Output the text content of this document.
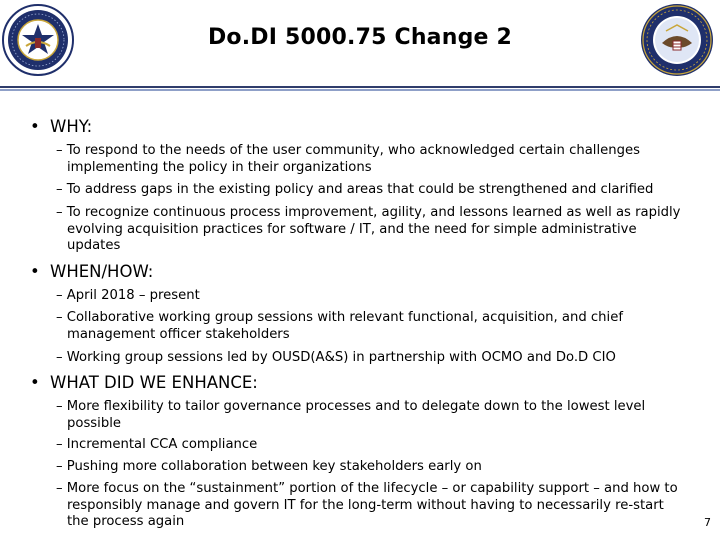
Do.DI 5000.75 Change 2
• WHY:
– To respond to the needs of the user community, who acknowledged certain challenges implementing the policy in their organizations
– To address gaps in the existing policy and areas that could be strengthened and clarified
– To recognize continuous process improvement, agility, and lessons learned as well as rapidly evolving acquisition practices for software / IT, and the need for simple administrative updates
• WHEN/HOW:
– April 2018 – present
– Collaborative working group sessions with relevant functional, acquisition, and chief management officer stakeholders
– Working group sessions led by OUSD(A&S) in partnership with OCMO and Do.D CIO
• WHAT DID WE ENHANCE:
– More flexibility to tailor governance processes and to delegate down to the lowest level possible
– Incremental CCA compliance
– Pushing more collaboration between key stakeholders early on
– More focus on the “sustainment” portion of the lifecycle – or capability support – and how to responsibly manage and govern IT for the long-term without having to necessarily re-start the process again	7
